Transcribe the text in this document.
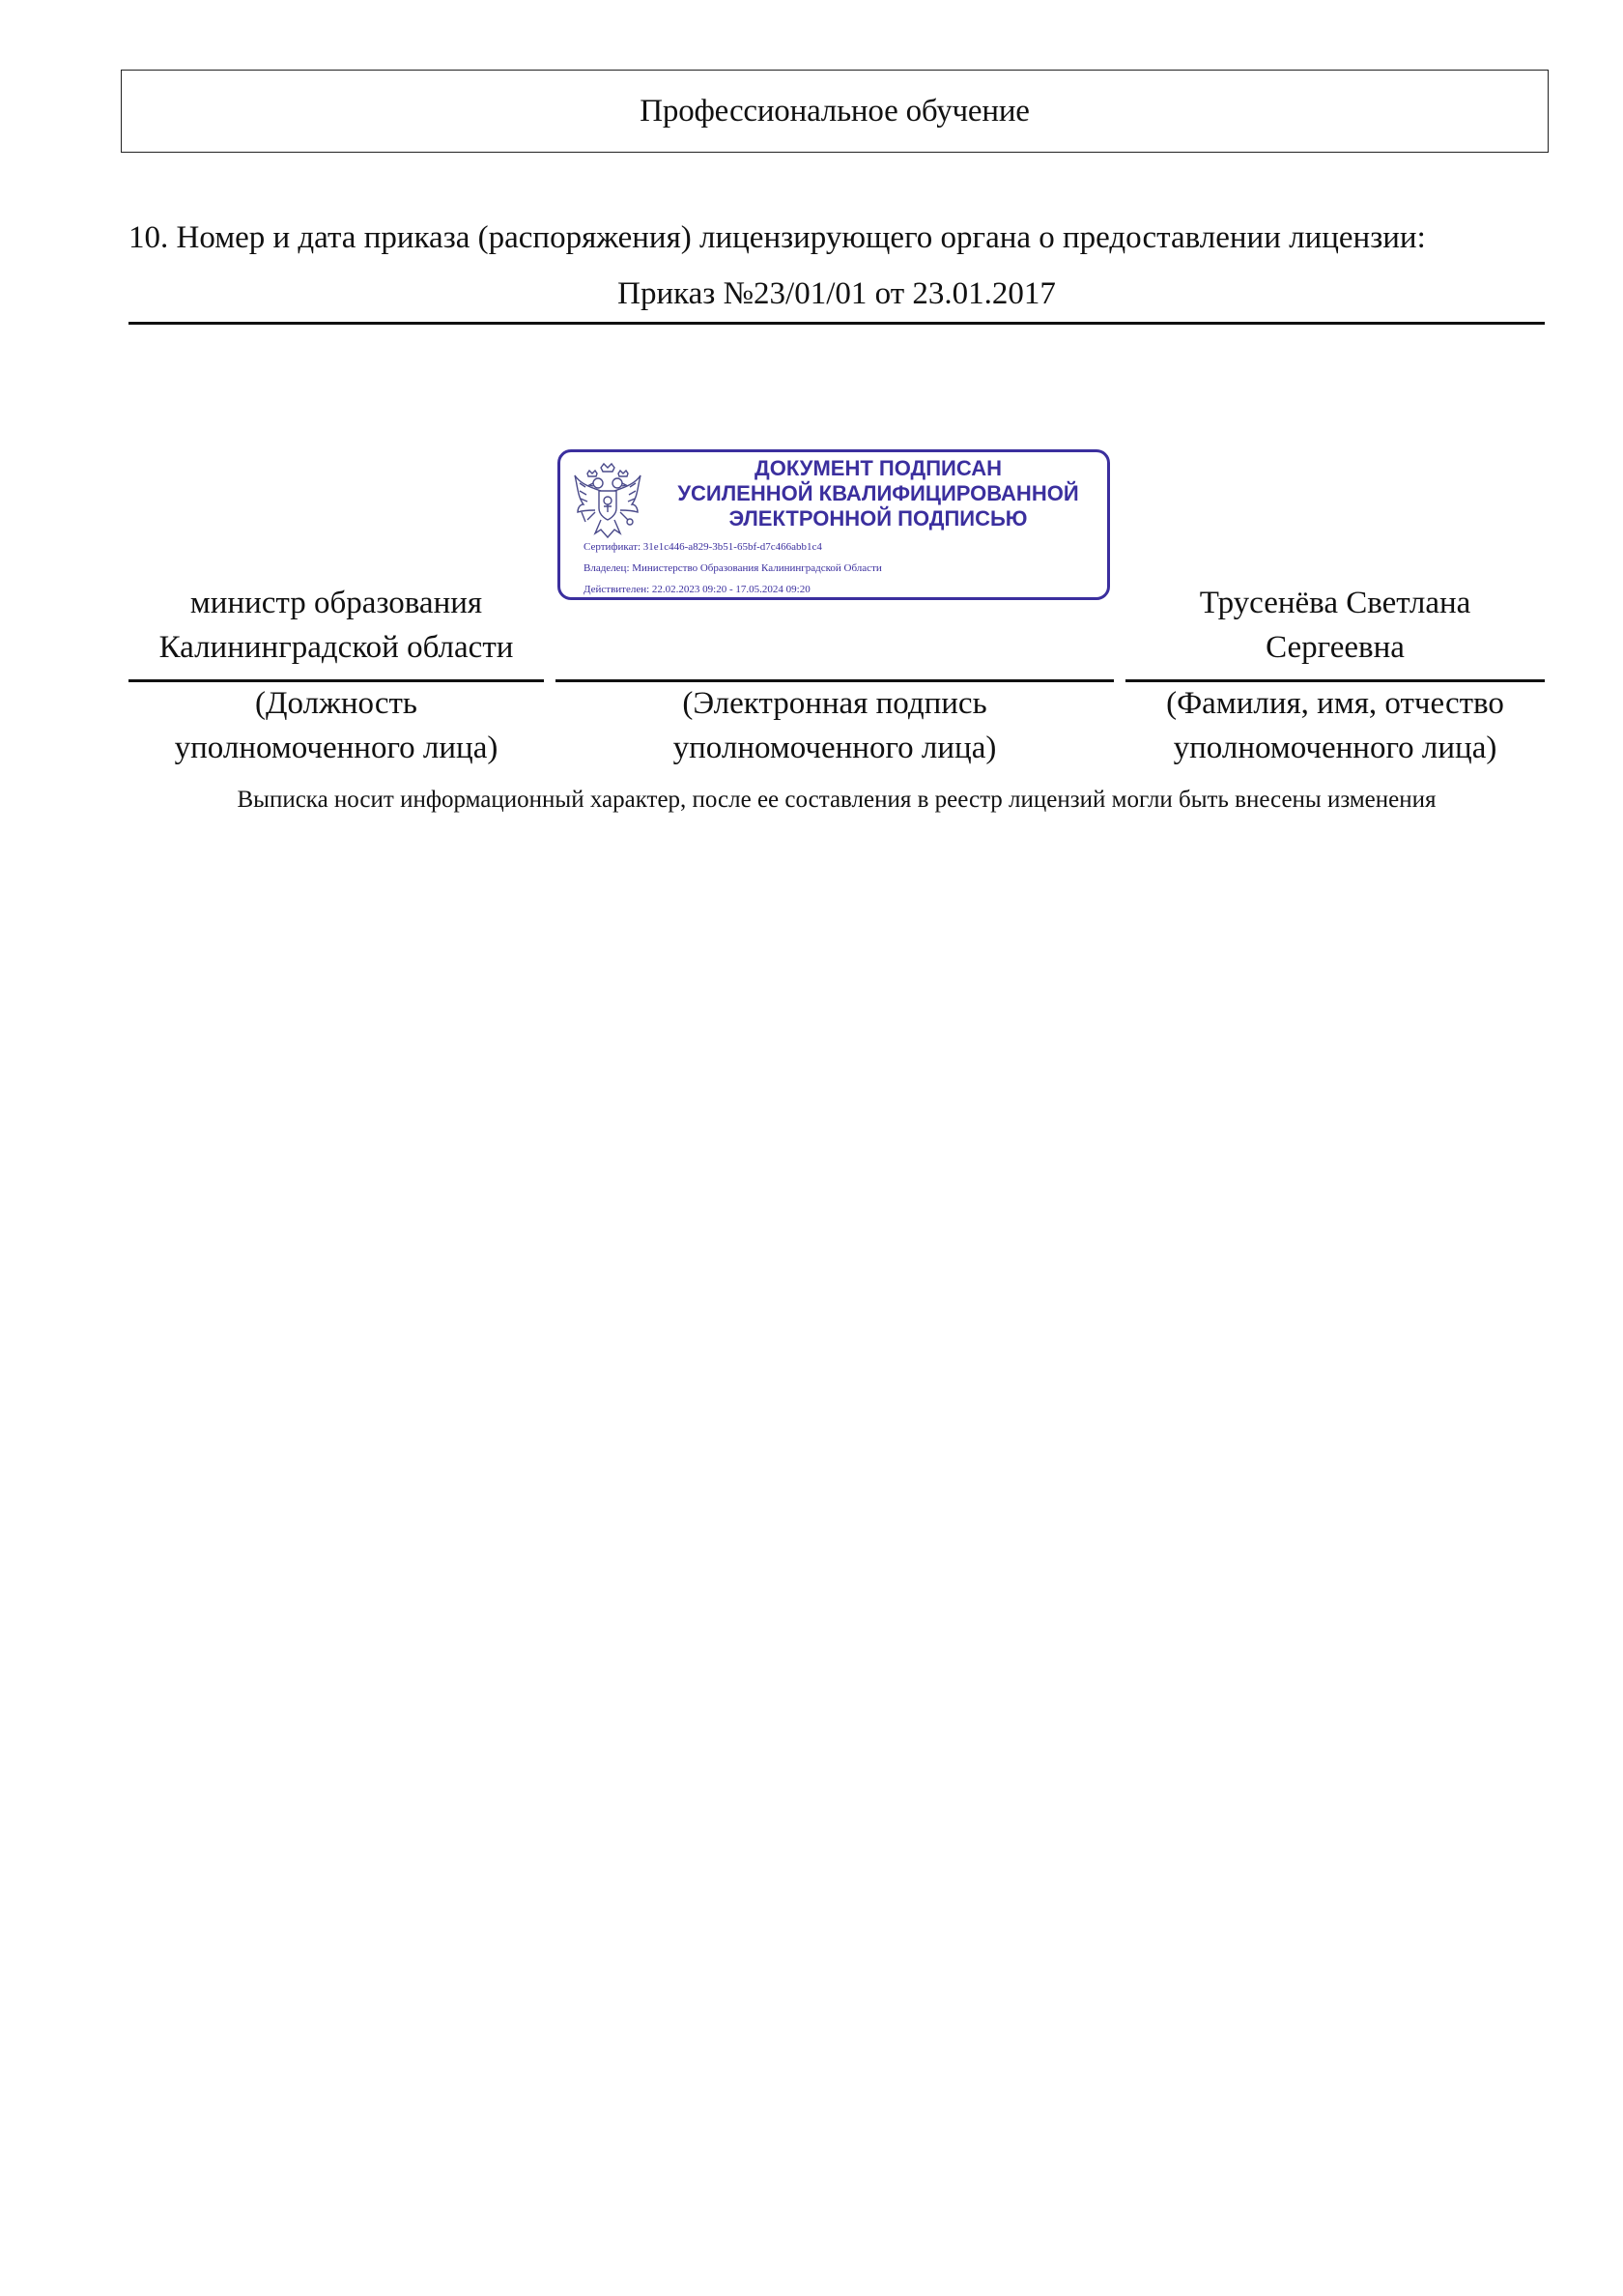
Профессиональное обучение
10. Номер и дата приказа (распоряжения) лицензирующего органа о предоставлении лицензии:
Приказ №23/01/01 от 23.01.2017
министр образования
Калининградской области
ДОКУМЕНТ ПОДПИСАН
УСИЛЕННОЙ КВАЛИФИЦИРОВАННОЙ
ЭЛЕКТРОННОЙ ПОДПИСЬЮ
Сертификат: 31e1c446-a829-3b51-65bf-d7c466abb1c4
Владелец: Министерство Образования Калининградской Области
Действителен: 22.02.2023 09:20 - 17.05.2024 09:20	Трусенёва Светлана
Сергеевна
(Должность
уполномоченного лица)
(Электронная подпись
уполномоченного лица)
(Фамилия, имя, отчество
уполномоченного лица)
Выписка носит информационный характер, после ее составления в реестр лицензий могли быть внесены изменения
